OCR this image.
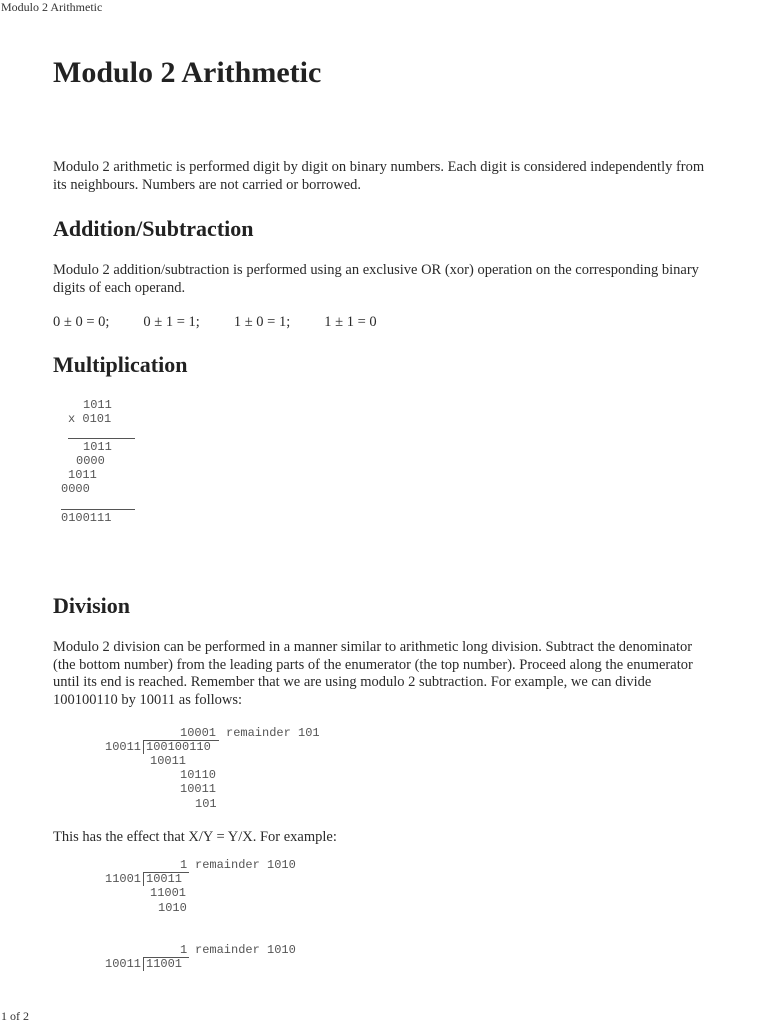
Modulo 2 Arithmetic
Modulo 2 Arithmetic

Modulo 2 arithmetic is performed digit by digit on binary numbers. Each digit is considered independently from its neighbours. Numbers are not carried or borrowed.

Addition/Subtraction

Modulo 2 addition/subtraction is performed using an exclusive OR (xor) operation on the corresponding binary digits of each operand.

0 ± 0 = 0; 0 ± 1 = 1; 1 ± 0 = 1; 1 ± 1 = 0

Multiplication
1011
x 0101
1011
0000
1011
0000
0100111
Division

Modulo 2 division can be performed in a manner similar to arithmetic long division. Subtract the denominator (the bottom number) from the leading parts of the enumerator (the top number). Proceed along the enumerator until its end is reached. Remember that we are using modulo 2 subtraction. For example, we can divide 100100110 by 10011 as follows:

10001 remainder 101
10011 100100110
10011
10110
10011
101

This has the effect that X/Y = Y/X. For example:

1 remainder 1010
11001 10011
11001
1010
1 remainder 1010
10011 11001
1 of 2
